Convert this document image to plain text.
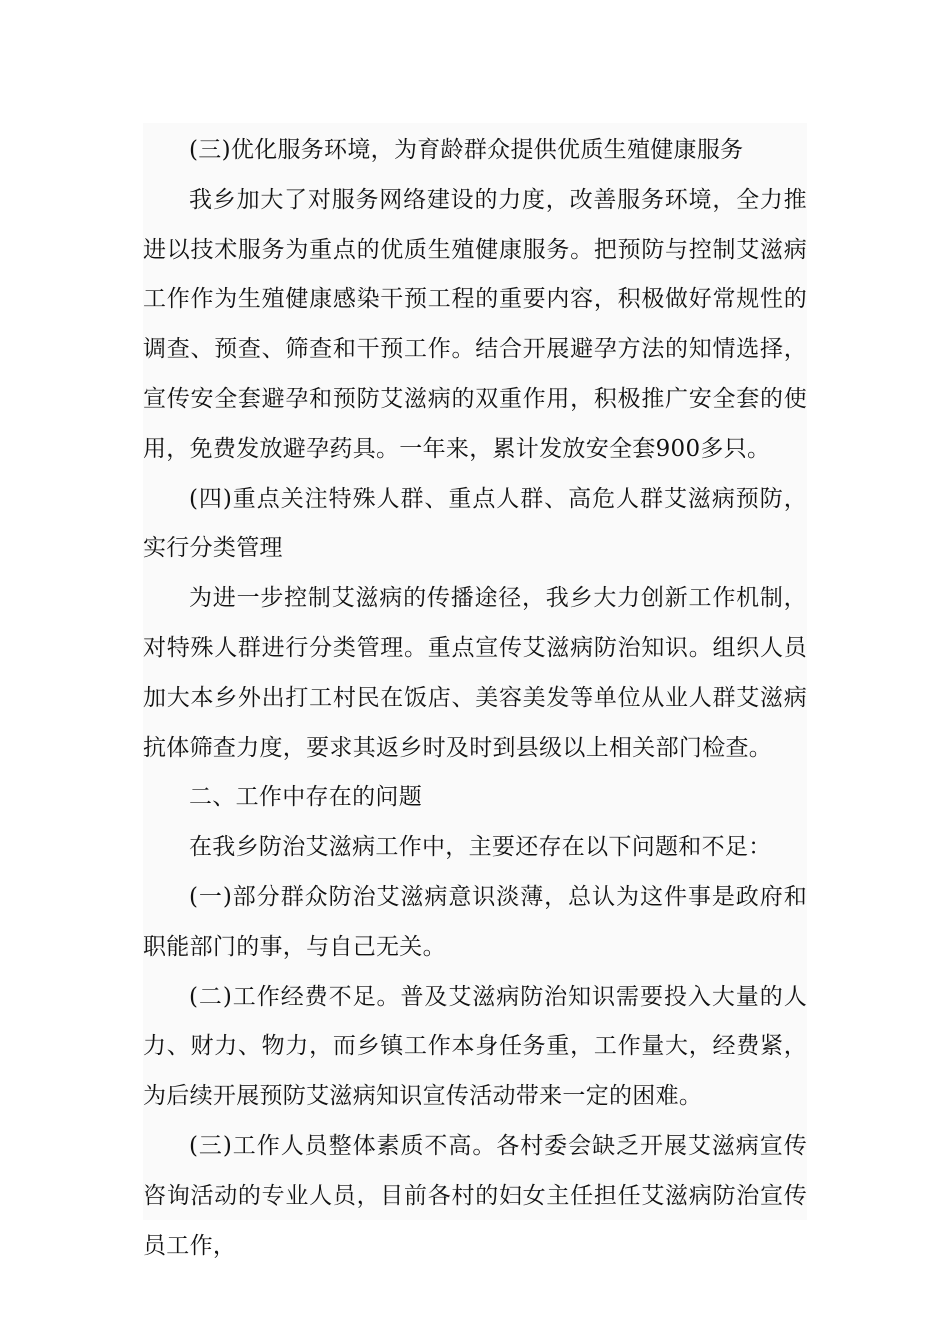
(三)优化服务环境，为育龄群众提供优质生殖健康服务

我乡加大了对服务网络建设的力度，改善服务环境，全力推进以技术服务为重点的优质生殖健康服务。把预防与控制艾滋病工作作为生殖健康感染干预工程的重要内容，积极做好常规性的调查、预查、筛查和干预工作。结合开展避孕方法的知情选择，宣传安全套避孕和预防艾滋病的双重作用，积极推广安全套的使用，免费发放避孕药具。一年来，累计发放安全套900多只。

(四)重点关注特殊人群、重点人群、高危人群艾滋病预防，实行分类管理

为进一步控制艾滋病的传播途径，我乡大力创新工作机制，对特殊人群进行分类管理。重点宣传艾滋病防治知识。组织人员加大本乡外出打工村民在饭店、美容美发等单位从业人群艾滋病抗体筛查力度，要求其返乡时及时到县级以上相关部门检查。

二、工作中存在的问题

在我乡防治艾滋病工作中，主要还存在以下问题和不足：

(一)部分群众防治艾滋病意识淡薄，总认为这件事是政府和职能部门的事，与自己无关。

(二)工作经费不足。普及艾滋病防治知识需要投入大量的人力、财力、物力，而乡镇工作本身任务重，工作量大，经费紧，为后续开展预防艾滋病知识宣传活动带来一定的困难。

(三)工作人员整体素质不高。各村委会缺乏开展艾滋病宣传咨询活动的专业人员，目前各村的妇女主任担任艾滋病防治宣传员工作，
